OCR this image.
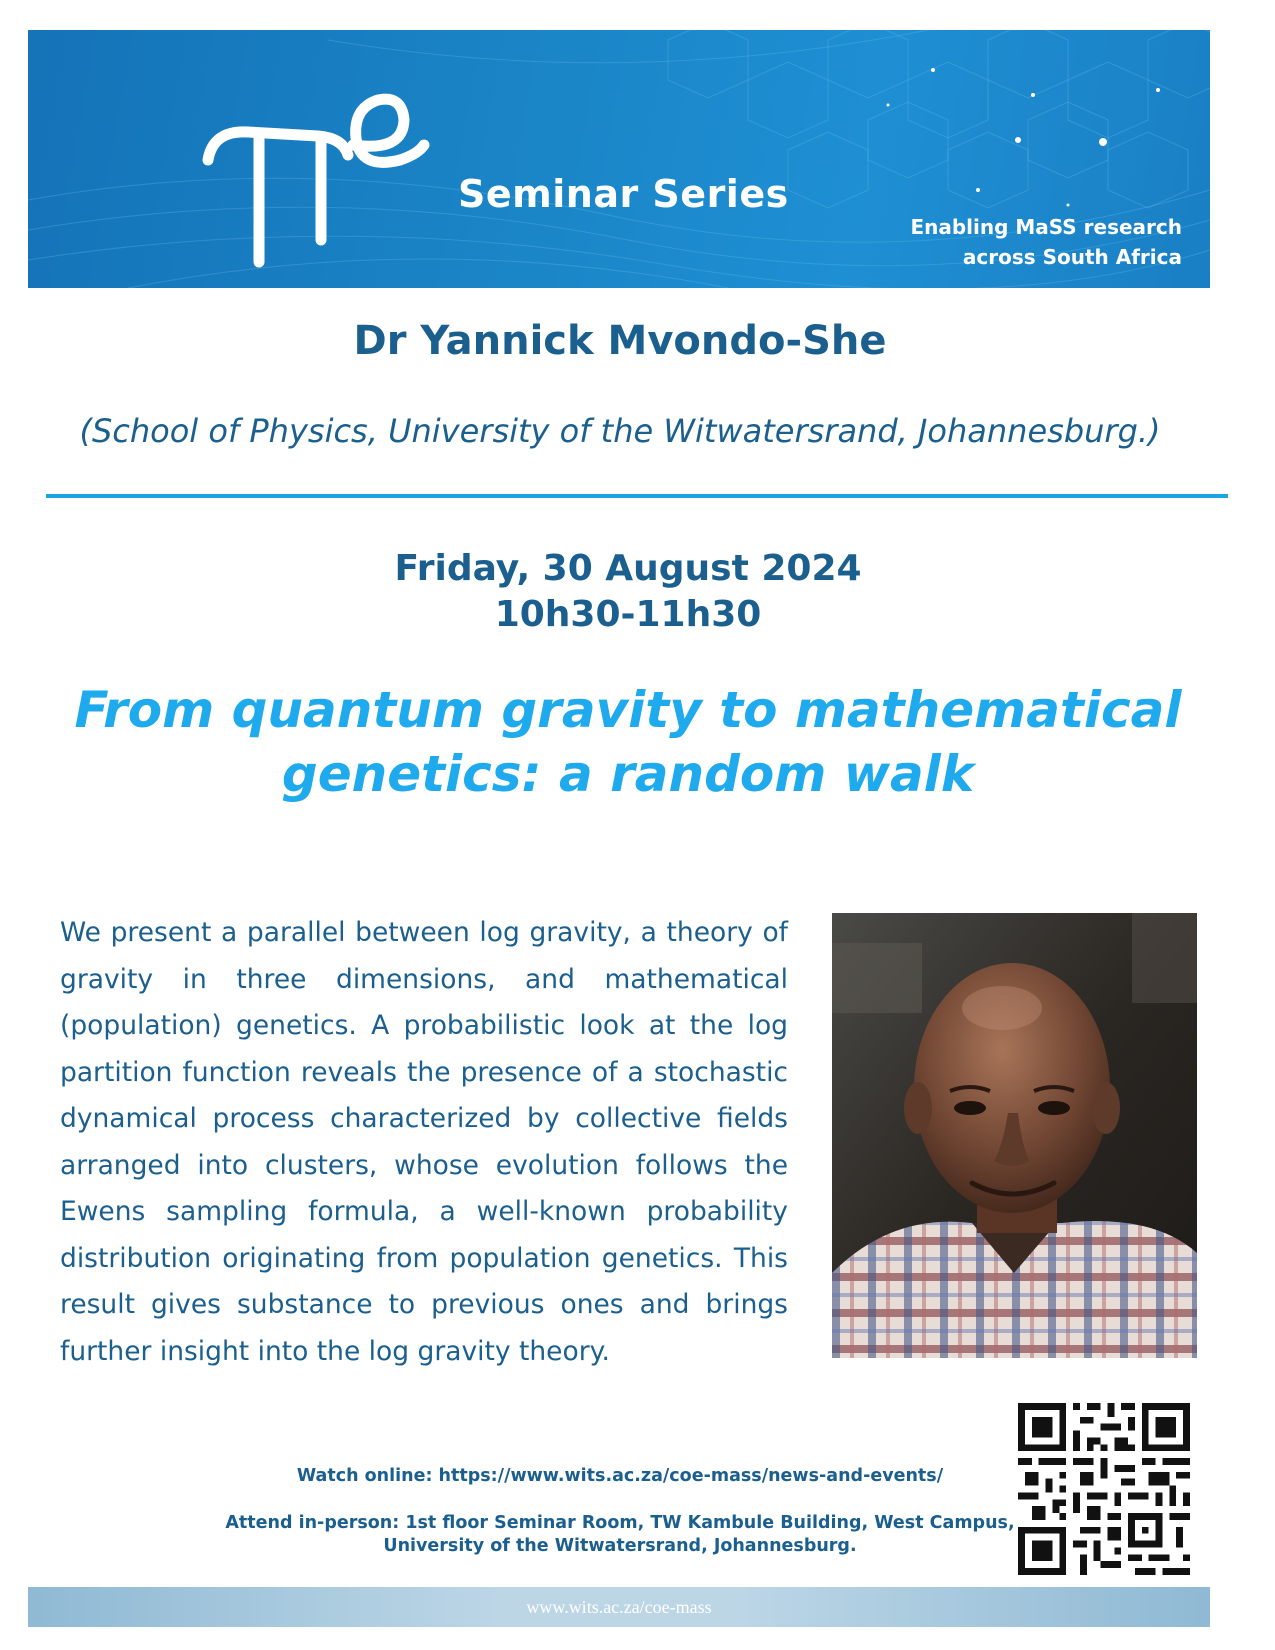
Seminar Series
Enabling MaSS research
across South Africa
Dr Yannick Mvondo-She
(School of Physics, University of the Witwatersrand, Johannesburg.)
Friday, 30 August 2024
10h30-11h30
From quantum gravity to mathematical genetics: a random walk

We present a parallel between log gravity, a theory of gravity in three dimensions, and mathematical (population) genetics. A probabilistic look at the log partition function reveals the presence of a stochastic dynamical process characterized by collective fields arranged into clusters, whose evolution follows the Ewens sampling formula, a well-known probability distribution originating from population genetics. This result gives substance to previous ones and brings further insight into the log gravity theory.

Watch online: https://www.wits.ac.za/coe-mass/news-and-events/
Attend in-person: 1st floor Seminar Room, TW Kambule Building, West Campus,
University of the Witwatersrand, Johannesburg.
www.wits.ac.za/coe-mass
